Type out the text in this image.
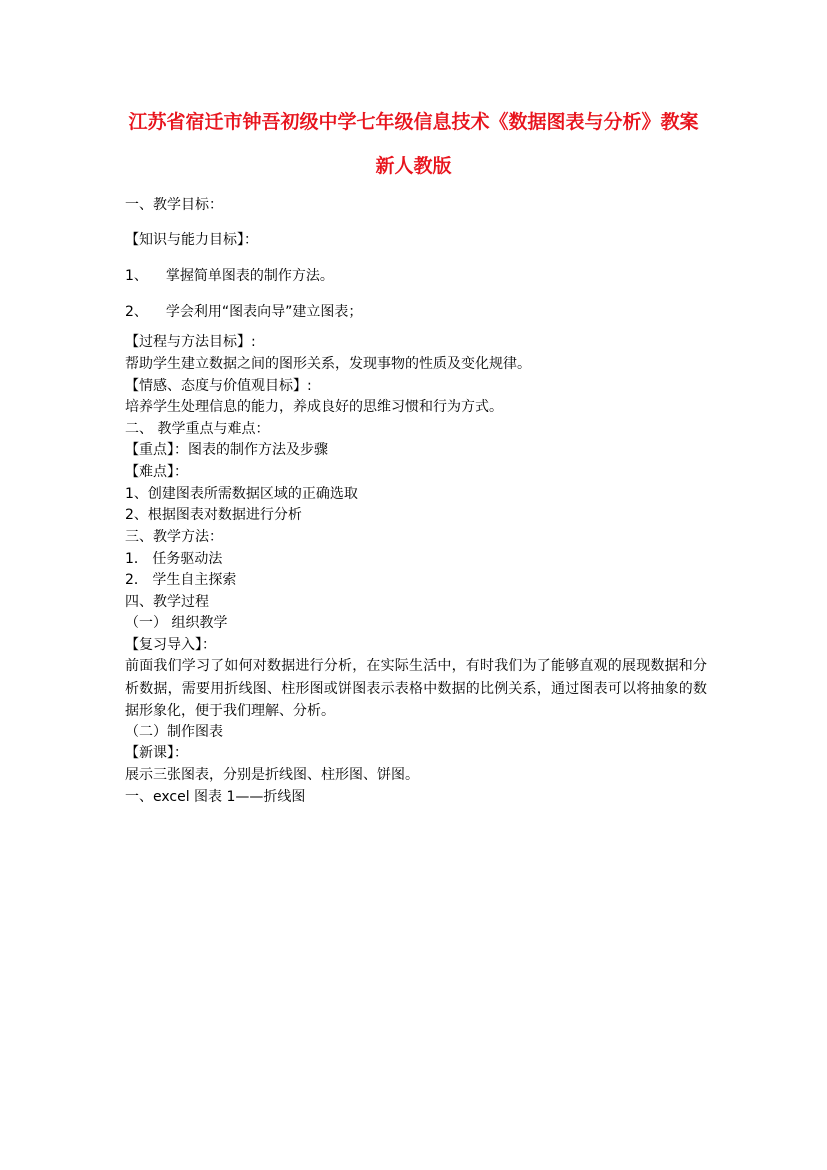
江苏省宿迁市钟吾初级中学七年级信息技术《数据图表与分析》教案
新人教版
一、教学目标：
【知识与能力目标】：
1、 掌握简单图表的制作方法。
2、 学会利用“图表向导”建立图表；
【过程与方法目标】:
帮助学生建立数据之间的图形关系，发现事物的性质及变化规律。
【情感、态度与价值观目标】:
培养学生处理信息的能力，养成良好的思维习惯和行为方式。
二、 教学重点与难点：
【重点】：图表的制作方法及步骤
【难点】：
1、创建图表所需数据区域的正确选取
2、根据图表对数据进行分析
三、教学方法：
1． 任务驱动法
2． 学生自主探索
四、教学过程
（一） 组织教学
【复习导入】：
前面我们学习了如何对数据进行分析，在实际生活中，有时我们为了能够直观的展现数据和分析数据，需要用折线图、柱形图或饼图表示表格中数据的比例关系，通过图表可以将抽象的数据形象化，便于我们理解、分析。
（二）制作图表
【新课】：
展示三张图表，分别是折线图、柱形图、饼图。
一、excel 图表 1——折线图
